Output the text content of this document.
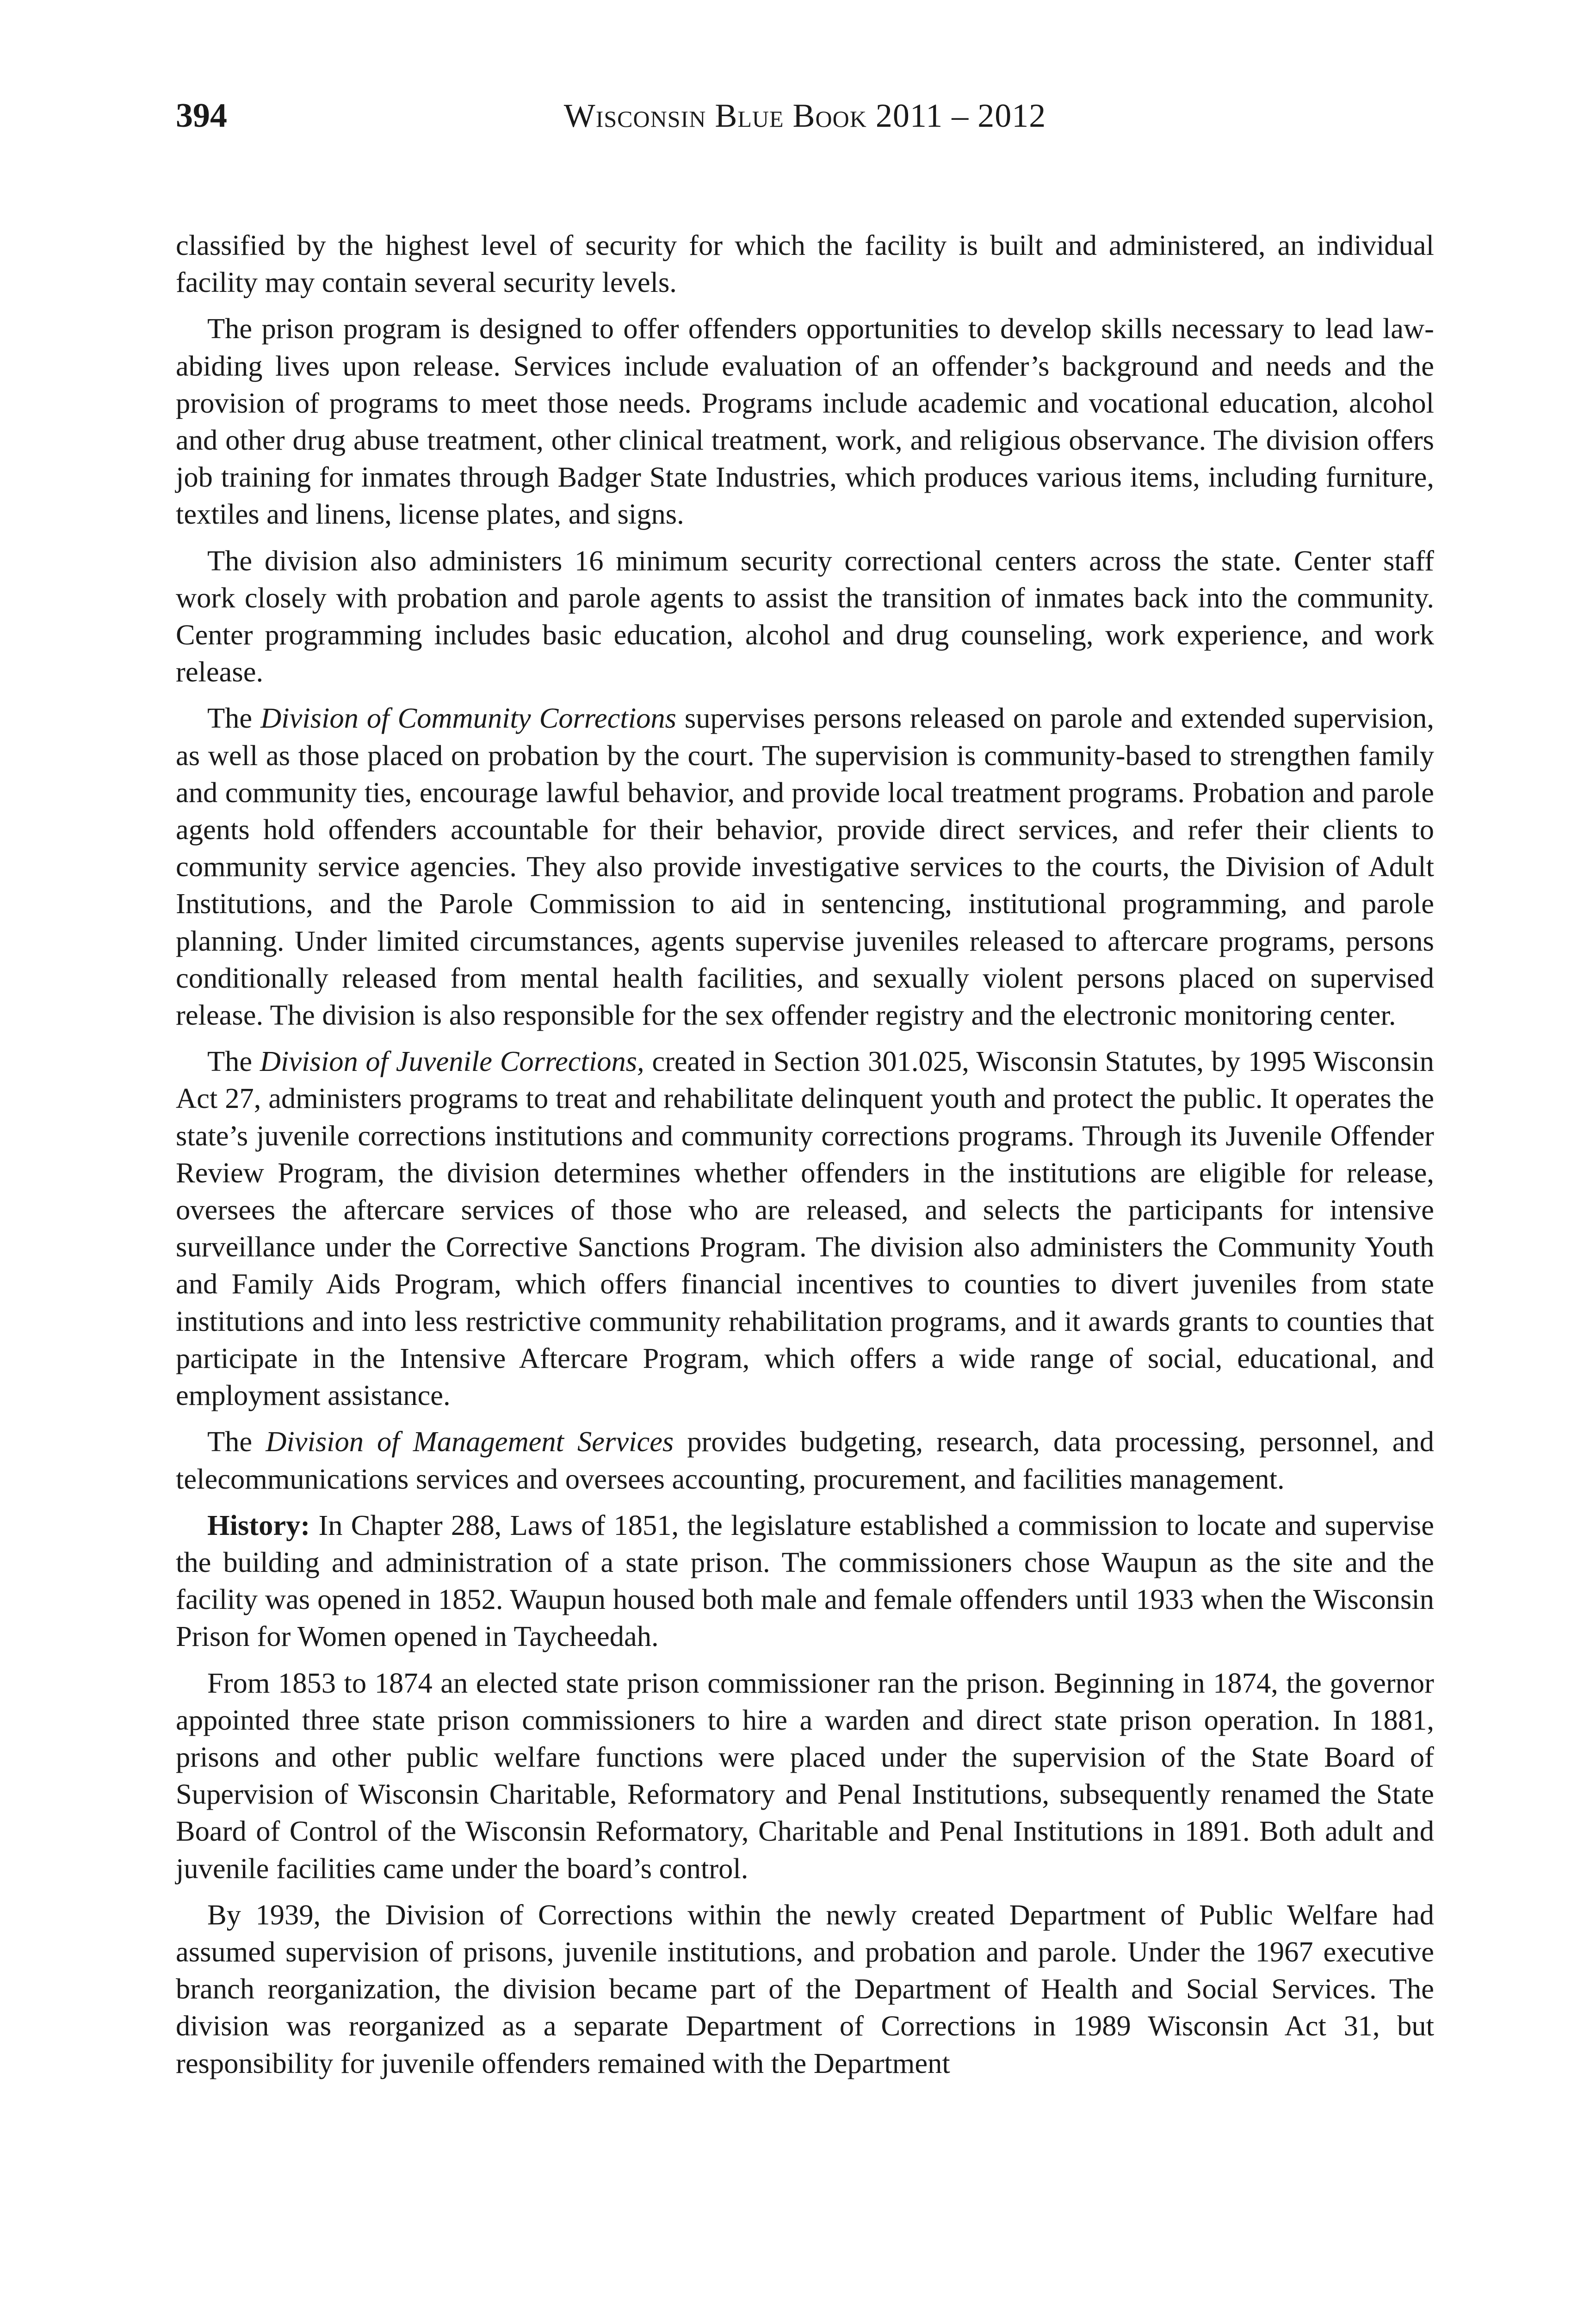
394	Wisconsin Blue Book 2011 – 2012

classified by the highest level of security for which the facility is built and administered, an individual facility may contain several security levels.

The prison program is designed to offer offenders opportunities to develop skills necessary to lead law-abiding lives upon release. Services include evaluation of an offender’s background and needs and the provision of programs to meet those needs. Programs include academic and vocational education, alcohol and other drug abuse treatment, other clinical treatment, work, and religious observance. The division offers job training for inmates through Badger State Industries, which produces various items, including furniture, textiles and linens, license plates, and signs.

The division also administers 16 minimum security correctional centers across the state. Center staff work closely with probation and parole agents to assist the transition of inmates back into the community. Center programming includes basic education, alcohol and drug counseling, work experience, and work release.

The Division of Community Corrections supervises persons released on parole and extended supervision, as well as those placed on probation by the court. The supervision is community-based to strengthen family and community ties, encourage lawful behavior, and provide local treatment programs. Probation and parole agents hold offenders accountable for their behavior, provide direct services, and refer their clients to community service agencies. They also provide investigative services to the courts, the Division of Adult Institutions, and the Parole Commission to aid in sentencing, institutional programming, and parole planning. Under limited circumstances, agents supervise juveniles released to aftercare programs, persons conditionally released from mental health facilities, and sexually violent persons placed on supervised release. The division is also responsible for the sex offender registry and the electronic monitoring center.

The Division of Juvenile Corrections, created in Section 301.025, Wisconsin Statutes, by 1995 Wisconsin Act 27, administers programs to treat and rehabilitate delinquent youth and protect the public. It operates the state’s juvenile corrections institutions and community corrections programs. Through its Juvenile Offender Review Program, the division determines whether offenders in the institutions are eligible for release, oversees the aftercare services of those who are released, and selects the participants for intensive surveillance under the Corrective Sanctions Program. The division also administers the Community Youth and Family Aids Program, which offers financial incentives to counties to divert juveniles from state institutions and into less restrictive community rehabilitation programs, and it awards grants to counties that participate in the Intensive Aftercare Program, which offers a wide range of social, educational, and employment assistance.

The Division of Management Services provides budgeting, research, data processing, personnel, and telecommunications services and oversees accounting, procurement, and facilities management.

History: In Chapter 288, Laws of 1851, the legislature established a commission to locate and supervise the building and administration of a state prison. The commissioners chose Waupun as the site and the facility was opened in 1852. Waupun housed both male and female offenders until 1933 when the Wisconsin Prison for Women opened in Taycheedah.

From 1853 to 1874 an elected state prison commissioner ran the prison. Beginning in 1874, the governor appointed three state prison commissioners to hire a warden and direct state prison operation. In 1881, prisons and other public welfare functions were placed under the supervision of the State Board of Supervision of Wisconsin Charitable, Reformatory and Penal Institutions, subsequently renamed the State Board of Control of the Wisconsin Reformatory, Charitable and Penal Institutions in 1891. Both adult and juvenile facilities came under the board’s control.

By 1939, the Division of Corrections within the newly created Department of Public Welfare had assumed supervision of prisons, juvenile institutions, and probation and parole. Under the 1967 executive branch reorganization, the division became part of the Department of Health and Social Services. The division was reorganized as a separate Department of Corrections in 1989 Wisconsin Act 31, but responsibility for juvenile offenders remained with the Department
